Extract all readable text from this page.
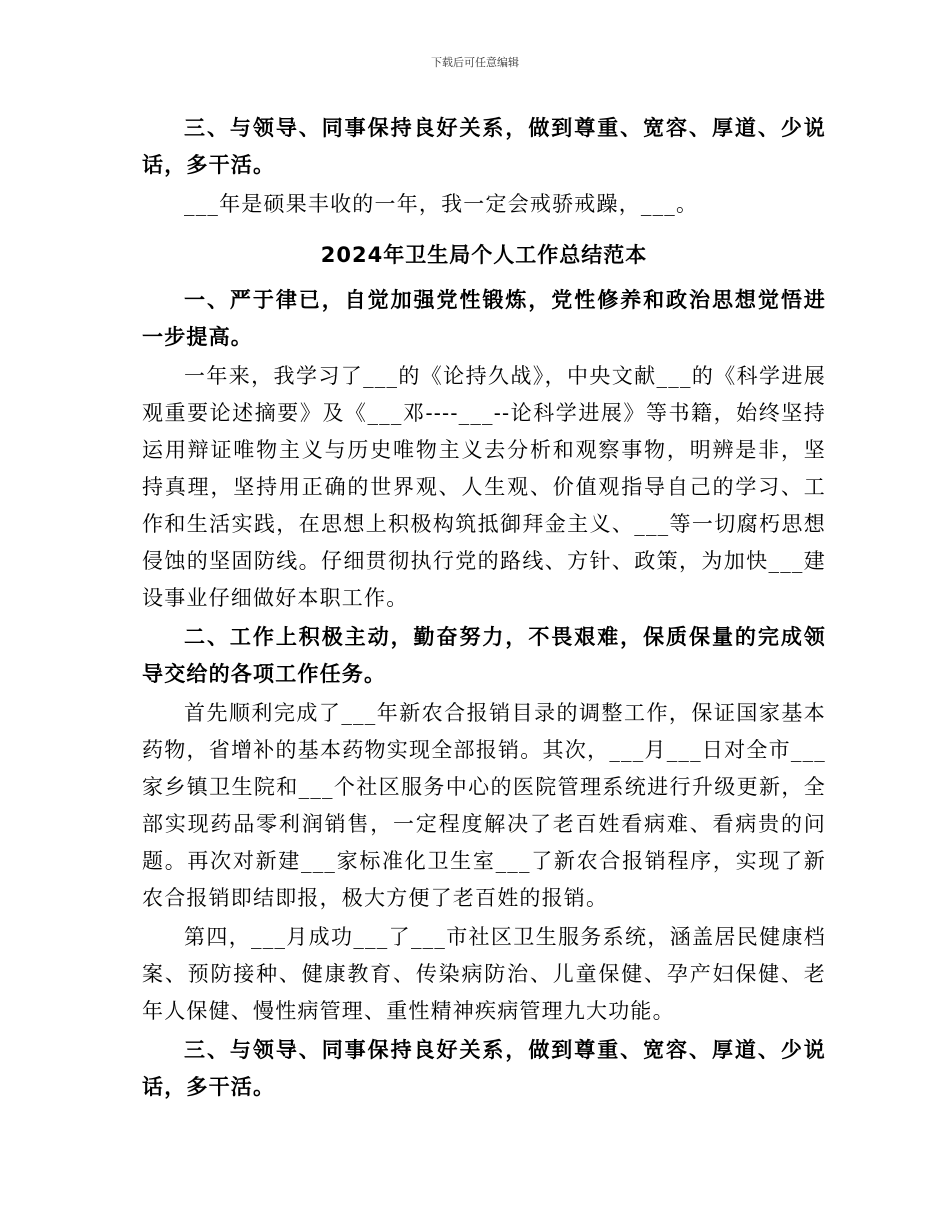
下载后可任意编辑

三、与领导、同事保持良好关系，做到尊重、宽容、厚道、少说话，多干活。

___年是硕果丰收的一年，我一定会戒骄戒躁，___。

2024年卫生局个人工作总结范本

一、严于律已，自觉加强党性锻炼，党性修养和政治思想觉悟进一步提高。

一年来，我学习了___的《论持久战》，中央文献___的《科学进展观重要论述摘要》及《___邓----___--论科学进展》等书籍，始终坚持运用辩证唯物主义与历史唯物主义去分析和观察事物，明辨是非，坚持真理，坚持用正确的世界观、人生观、价值观指导自己的学习、工作和生活实践，在思想上积极构筑抵御拜金主义、___等一切腐朽思想侵蚀的坚固防线。仔细贯彻执行党的路线、方针、政策，为加快___建设事业仔细做好本职工作。

二、工作上积极主动，勤奋努力，不畏艰难，保质保量的完成领导交给的各项工作任务。

首先顺利完成了___年新农合报销目录的调整工作，保证国家基本药物，省增补的基本药物实现全部报销。其次，___月___日对全市___家乡镇卫生院和___个社区服务中心的医院管理系统进行升级更新，全部实现药品零利润销售，一定程度解决了老百姓看病难、看病贵的问题。再次对新建___家标准化卫生室___了新农合报销程序，实现了新农合报销即结即报，极大方便了老百姓的报销。

第四，___月成功___了___市社区卫生服务系统，涵盖居民健康档案、预防接种、健康教育、传染病防治、儿童保健、孕产妇保健、老年人保健、慢性病管理、重性精神疾病管理九大功能。

三、与领导、同事保持良好关系，做到尊重、宽容、厚道、少说话，多干活。
